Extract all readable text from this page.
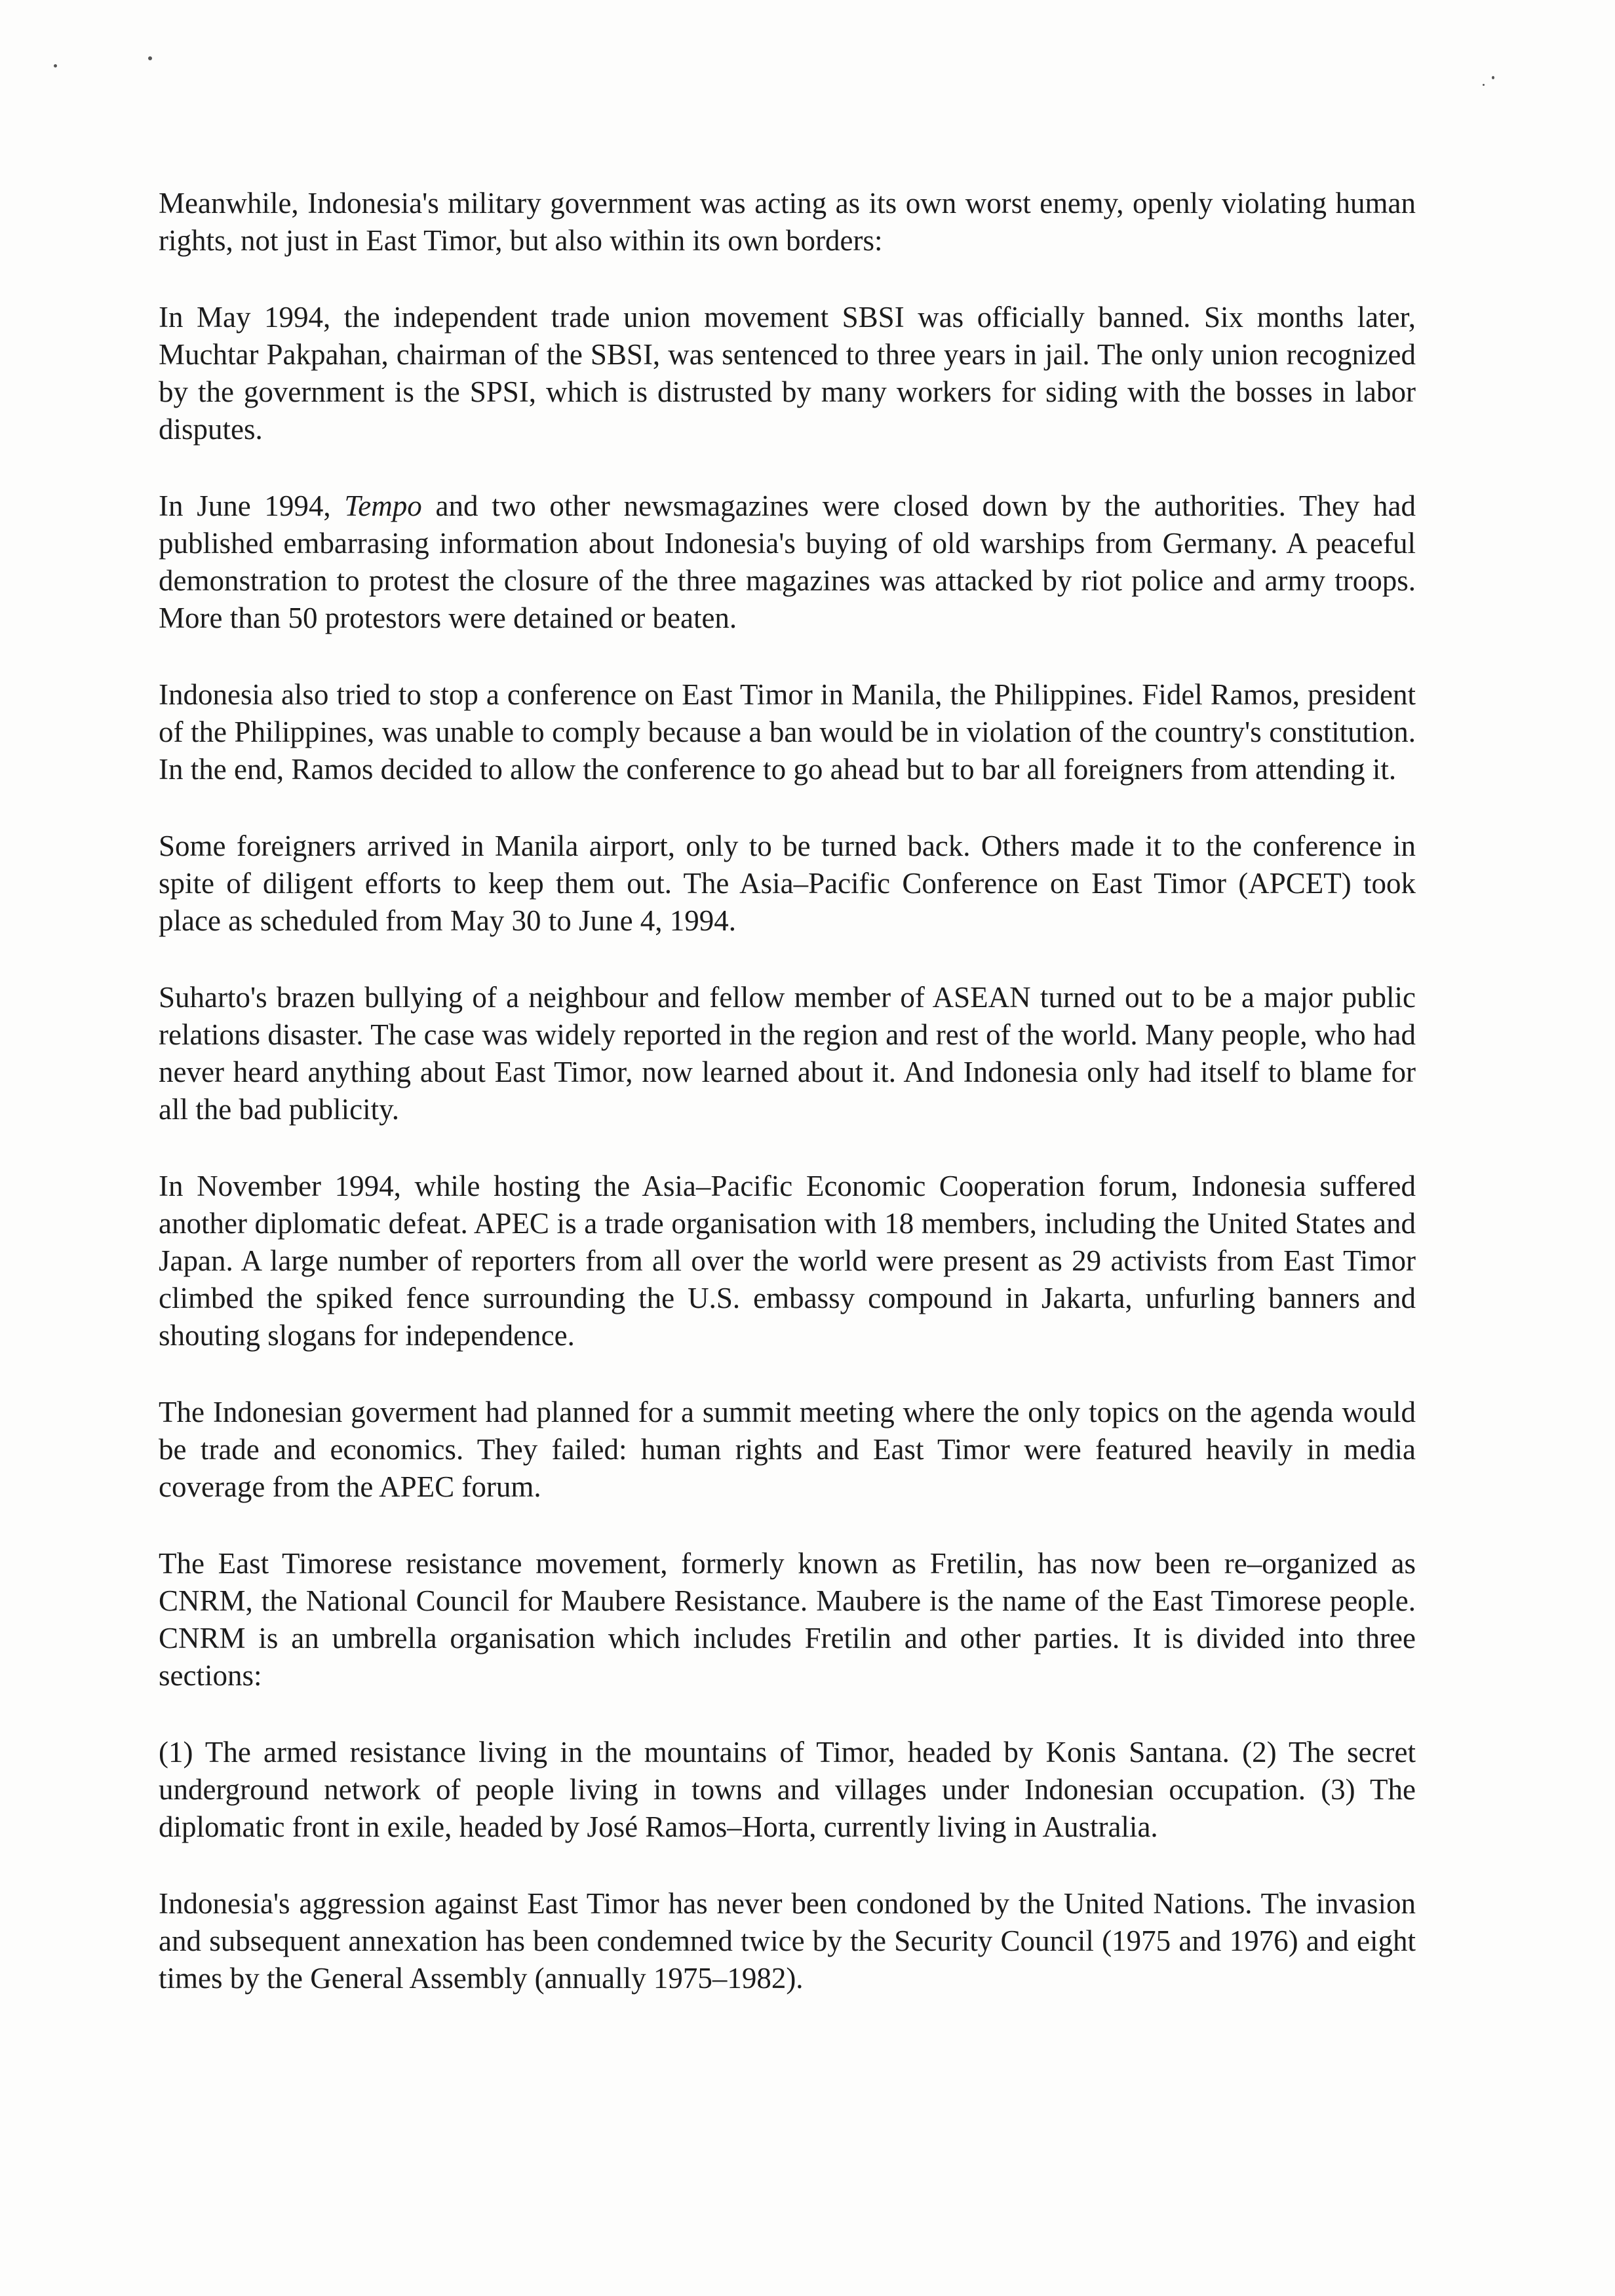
Meanwhile, Indonesia's military government was acting as its own worst enemy, openly violating human rights, not just in East Timor, but also within its own borders:

In May 1994, the independent trade union movement SBSI was officially banned. Six months later, Muchtar Pakpahan, chairman of the SBSI, was sentenced to three years in jail. The only union recognized by the government is the SPSI, which is distrusted by many workers for siding with the bosses in labor disputes.

In June 1994, Tempo and two other newsmagazines were closed down by the authorities. They had published embarrasing information about Indonesia's buying of old warships from Germany. A peaceful demonstration to protest the closure of the three magazines was attacked by riot police and army troops. More than 50 protestors were detained or beaten.

Indonesia also tried to stop a conference on East Timor in Manila, the Philippines. Fidel Ramos, president of the Philippines, was unable to comply because a ban would be in violation of the country's constitution. In the end, Ramos decided to allow the conference to go ahead but to bar all foreigners from attending it.

Some foreigners arrived in Manila airport, only to be turned back. Others made it to the conference in spite of diligent efforts to keep them out. The Asia–Pacific Conference on East Timor (APCET) took place as scheduled from May 30 to June 4, 1994.

Suharto's brazen bullying of a neighbour and fellow member of ASEAN turned out to be a major public relations disaster. The case was widely reported in the region and rest of the world. Many people, who had never heard anything about East Timor, now learned about it. And Indonesia only had itself to blame for all the bad publicity.

In November 1994, while hosting the Asia–Pacific Economic Cooperation forum, Indonesia suffered another diplomatic defeat. APEC is a trade organisation with 18 members, including the United States and Japan. A large number of reporters from all over the world were present as 29 activists from East Timor climbed the spiked fence surrounding the U.S. embassy compound in Jakarta, unfurling banners and shouting slogans for independence.

The Indonesian goverment had planned for a summit meeting where the only topics on the agenda would be trade and economics. They failed: human rights and East Timor were featured heavily in media coverage from the APEC forum.

The East Timorese resistance movement, formerly known as Fretilin, has now been re–organized as CNRM, the National Council for Maubere Resistance. Maubere is the name of the East Timorese people. CNRM is an umbrella organisation which includes Fretilin and other parties. It is divided into three sections:

(1) The armed resistance living in the mountains of Timor, headed by Konis Santana. (2) The secret underground network of people living in towns and villages under Indonesian occupation. (3) The diplomatic front in exile, headed by José Ramos–Horta, currently living in Australia.

Indonesia's aggression against East Timor has never been condoned by the United Nations. The invasion and subsequent annexation has been condemned twice by the Security Council (1975 and 1976) and eight times by the General Assembly (annually 1975–1982).
